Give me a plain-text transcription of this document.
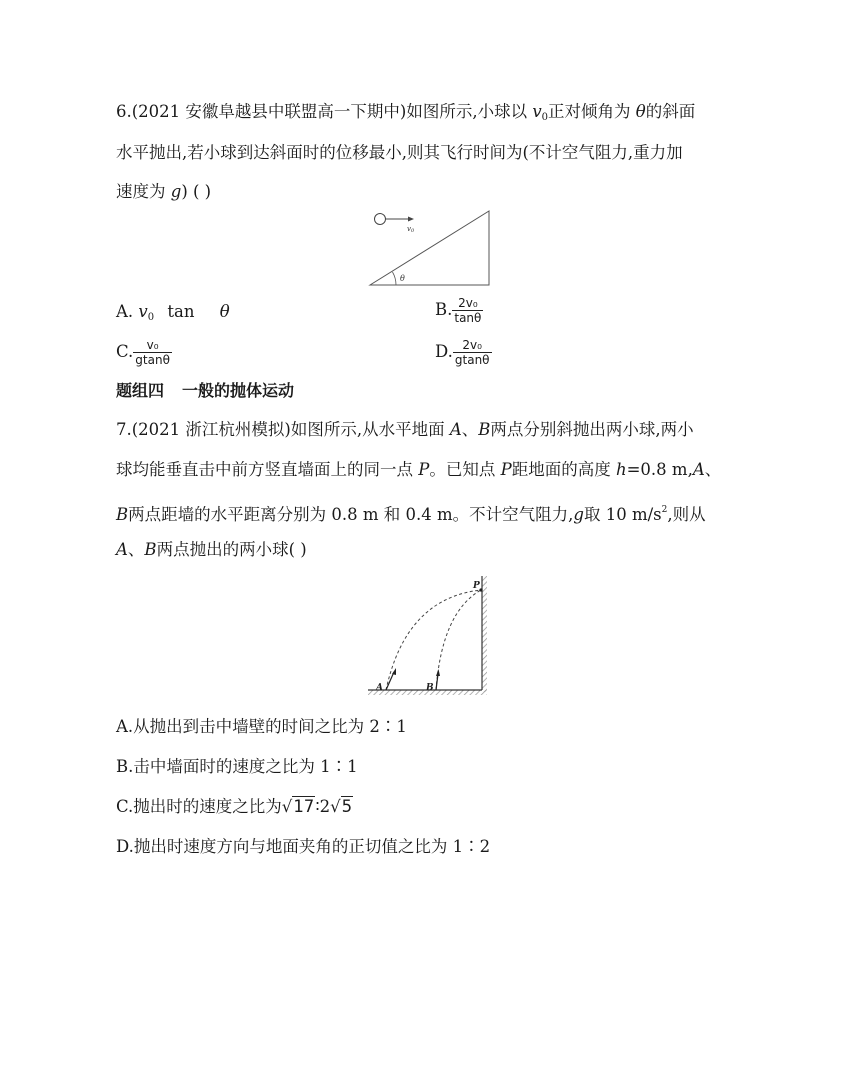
6.(2021 安徽阜越县中联盟高一下期中)如图所示,小球以 $v_0$正对倾角为 θ的斜面
水平抛出,若小球到达斜面时的位移最小,则其飞行时间为(不计空气阻力,重力加
速度为 g) ( )
v0
θ
A. $v_0$ tan θ	B. $\frac{\text{2v₀}}{\tan\theta}$
C. $\frac{\text{v₀}}{gtan\theta}$	D. $\frac{\text{2v₀}}{gtan\theta}$
题组四 一般的抛体运动
7.(2021 浙江杭州模拟)如图所示,从水平地面 A、B两点分别斜抛出两小球,两小
球均能垂直击中前方竖直墙面上的同一点 P。已知点 P距地面的高度 h=0.8 m,A、
B两点距墙的水平距离分别为 0.8 m 和 0.4 m。不计空气阻力,g取 10 $m/s^2$,则从
A、B两点抛出的两小球( )
P
A	B
A.从抛出到击中墙壁的时间之比为 2∶1
B.击中墙面时的速度之比为 1∶1
C.抛出时的速度之比为√17∶2√5
D.抛出时速度方向与地面夹角的正切值之比为 1∶2
